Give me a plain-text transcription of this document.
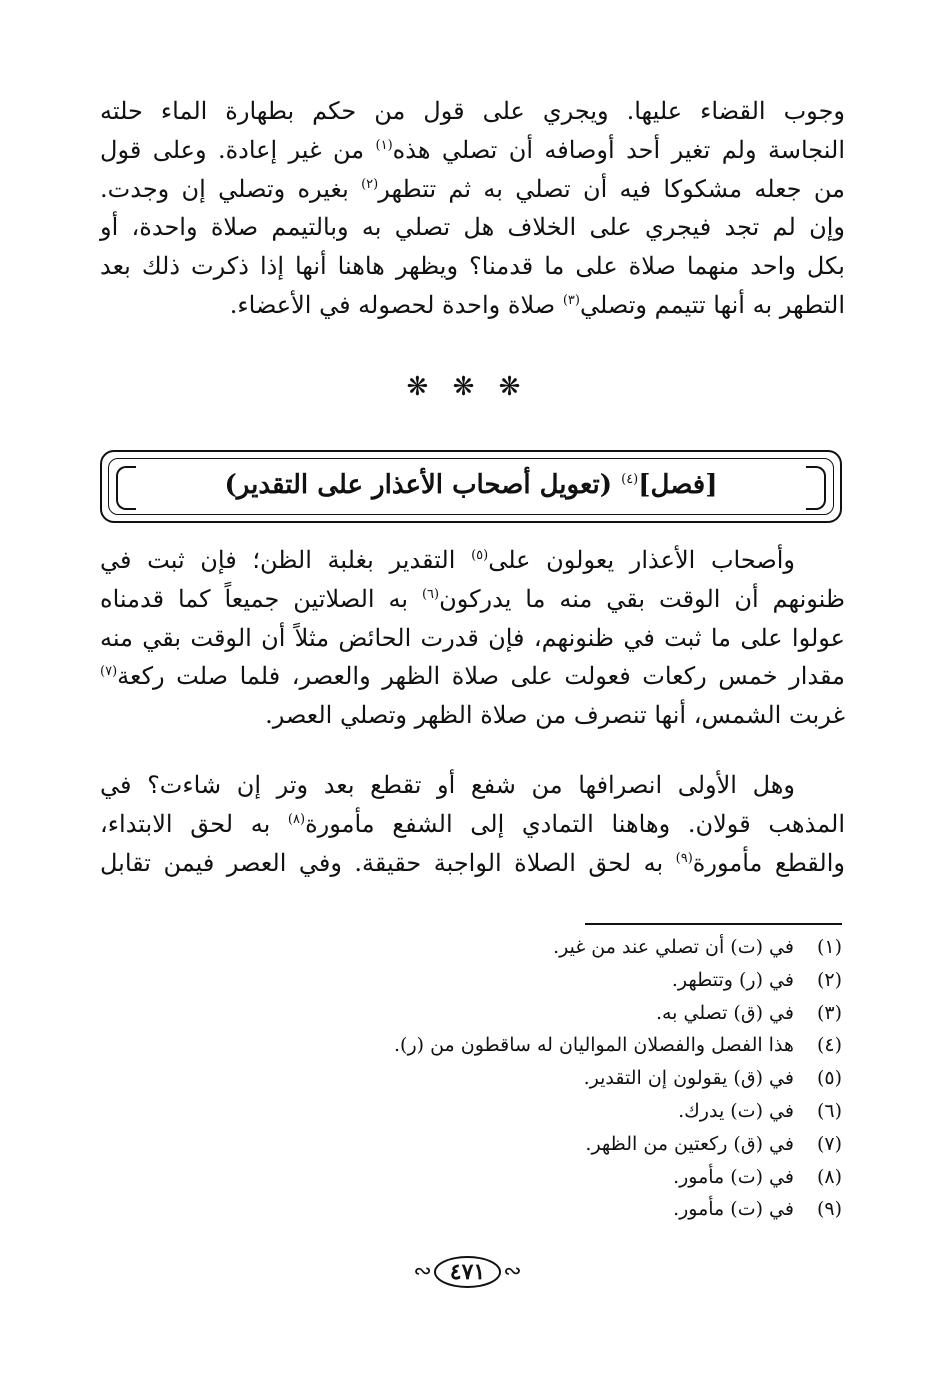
وجوب القضاء عليها. ويجري على قول من حكم بطهارة الماء حلته
النجاسة ولم تغير أحد أوصافه أن تصلي هذه$^{(١)}$ من غير إعادة. وعلى قول
من جعله مشكوكا فيه أن تصلي به ثم تتطهر$^{(٢)}$ بغيره وتصلي إن وجدت.
وإن لم تجد فيجري على الخلاف هل تصلي به وبالتيمم صلاة واحدة، أو
بكل واحد منهما صلاة على ما قدمنا؟ ويظهر هاهنا أنها إذا ذكرت ذلك بعد
التطهر به أنها تتيمم وتصلي$^{(٣)}$ صلاة واحدة لحصوله في الأعضاء.

❋ ❋ ❋
[فصل]$^{(٤)}$ (تعويل أصحاب الأعذار على التقدير)

وأصحاب الأعذار يعولون على$^{(٥)}$ التقدير بغلبة الظن؛ فإن ثبت في
ظنونهم أن الوقت بقي منه ما يدركون$^{(٦)}$ به الصلاتين جميعاً كما قدمناه
عولوا على ما ثبت في ظنونهم، فإن قدرت الحائض مثلاً أن الوقت بقي منه
مقدار خمس ركعات فعولت على صلاة الظهر والعصر، فلما صلت ركعة$^{(٧)}$
غربت الشمس، أنها تنصرف من صلاة الظهر وتصلي العصر.

وهل الأولى انصرافها من شفع أو تقطع بعد وتر إن شاءت؟ في
المذهب قولان. وهاهنا التمادي إلى الشفع مأمورة$^{(٨)}$ به لحق الابتداء،
والقطع مأمورة$^{(٩)}$ به لحق الصلاة الواجبة حقيقة. وفي العصر فيمن تقابل

(١) في (ت) أن تصلي عند من غير.
(٢) في (ر) وتتطهر.
(٣) في (ق) تصلي به.
(٤) هذا الفصل والفصلان المواليان له ساقطون من (ر).
(٥) في (ق) يقولون إن التقدير.
(٦) في (ت) يدرك.
(٧) في (ق) ركعتين من الظهر.
(٨) في (ت) مأمور.
(٩) في (ت) مأمور.
∾ ٤٧١ ∾
